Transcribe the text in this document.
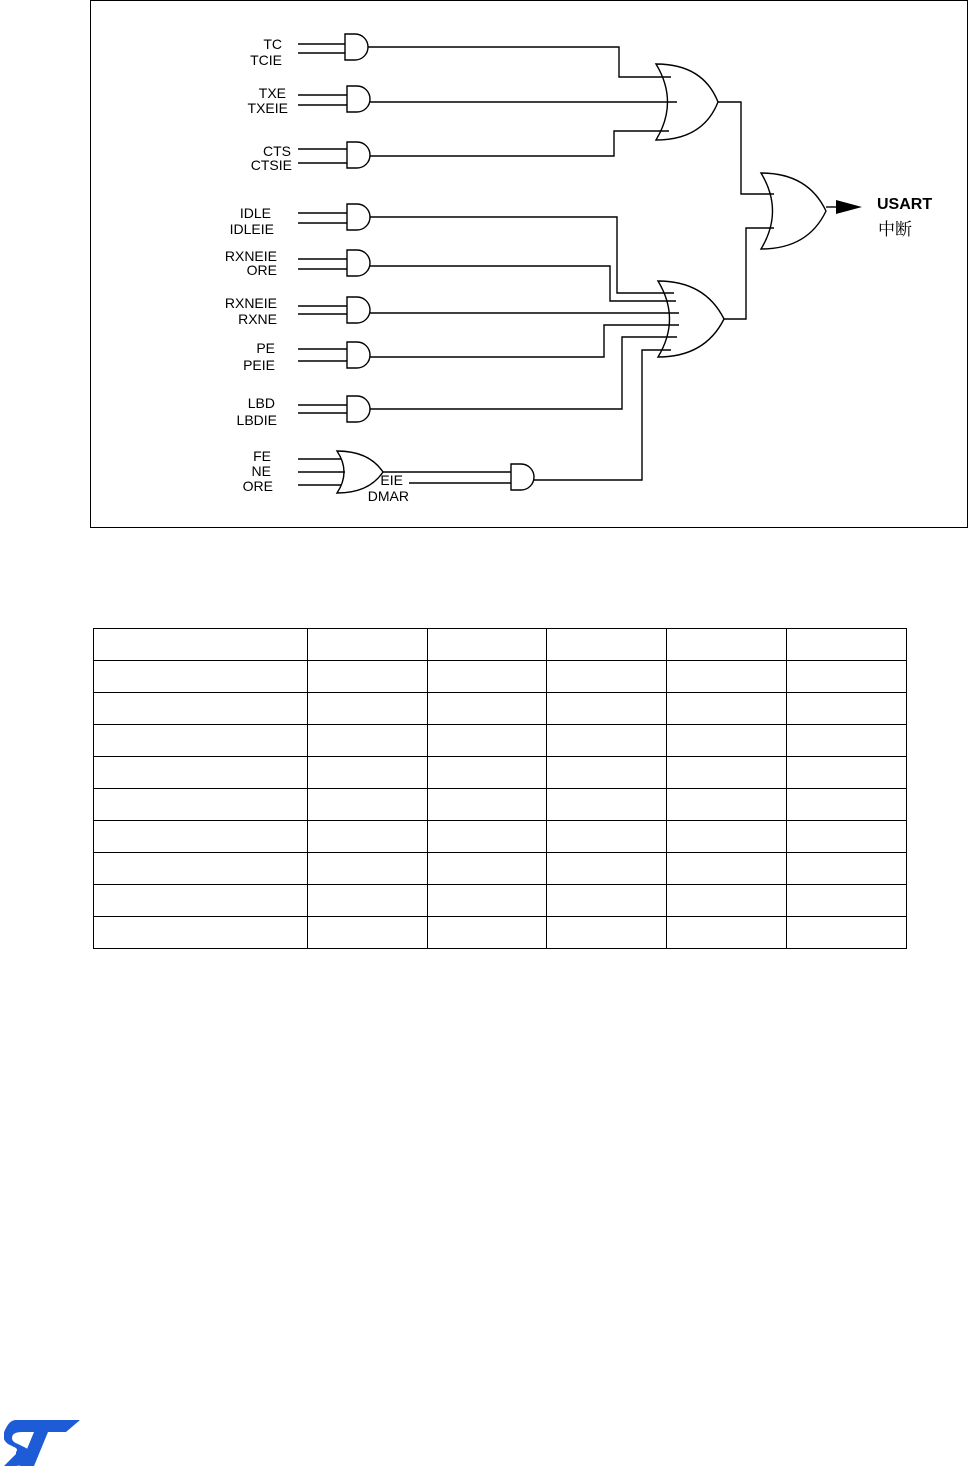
TC
TCIE
TXE
TXEIE
CTS
CTSIE
IDLE
IDLEIE
RXNEIE
ORE
RXNEIE
RXNE
PE
PEIE
LBD
LBDIE
FE
NE
ORE	EIE
DMAR
USART
中断
